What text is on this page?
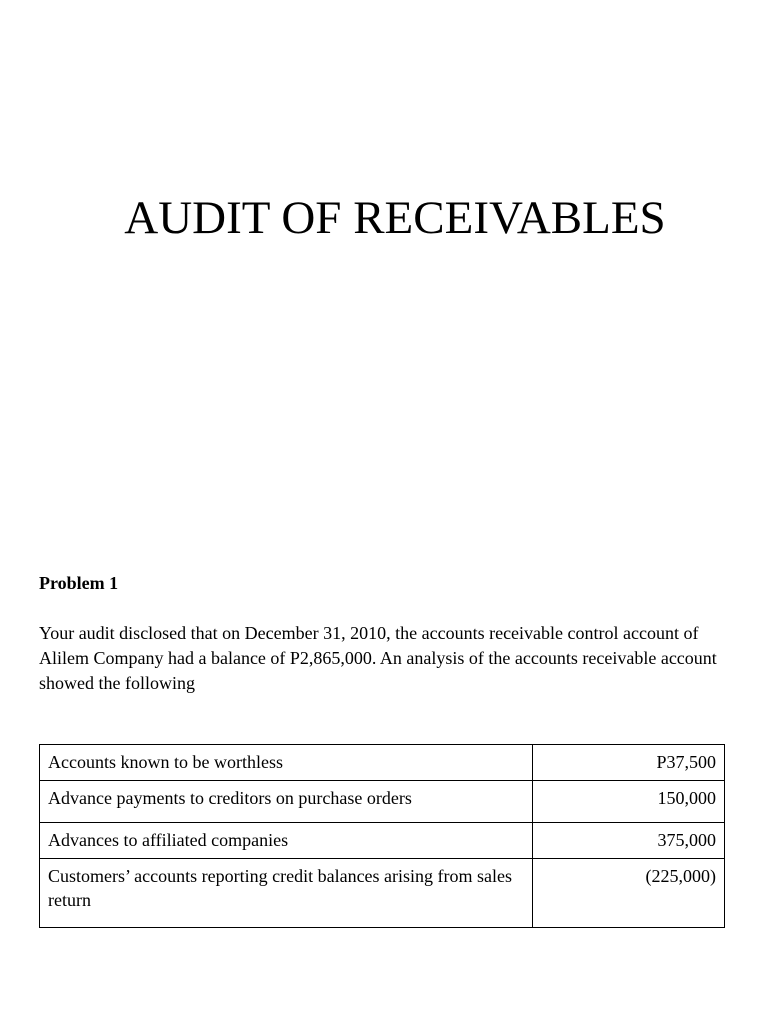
AUDIT OF RECEIVABLES
Problem 1

Your audit disclosed that on December 31, 2010, the accounts receivable control account of Alilem Company had a balance of P2,865,000. An analysis of the accounts receivable account showed the following

Accounts known to be worthless	P37,500
Advance payments to creditors on purchase orders	150,000
Advances to affiliated companies	375,000
Customers’ accounts reporting credit balances arising from sales return	(225,000)
